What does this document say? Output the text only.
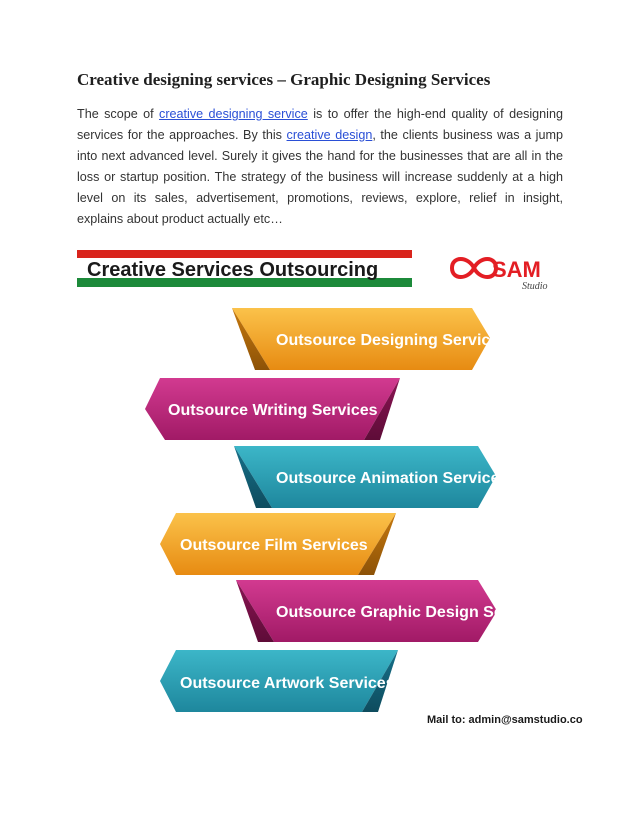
Creative designing services – Graphic Designing Services
The scope of creative designing service is to offer the high-end quality of designing services for the approaches. By this creative design, the clients business was a jump into next advanced level. Surely it gives the hand for the businesses that are all in the loss or startup position. The strategy of the business will increase suddenly at a high level on its sales, advertisement, promotions, reviews, explore, relief in insight, explains about product actually etc…
Creative Services Outsourcing	SAM
Studio
Outsource Designing Services
Outsource Writing Services
Outsource Animation Services
Outsource Film Services
Outsource Graphic Design Services
Outsource Artwork Services
Mail to: admin@samstudio.co
